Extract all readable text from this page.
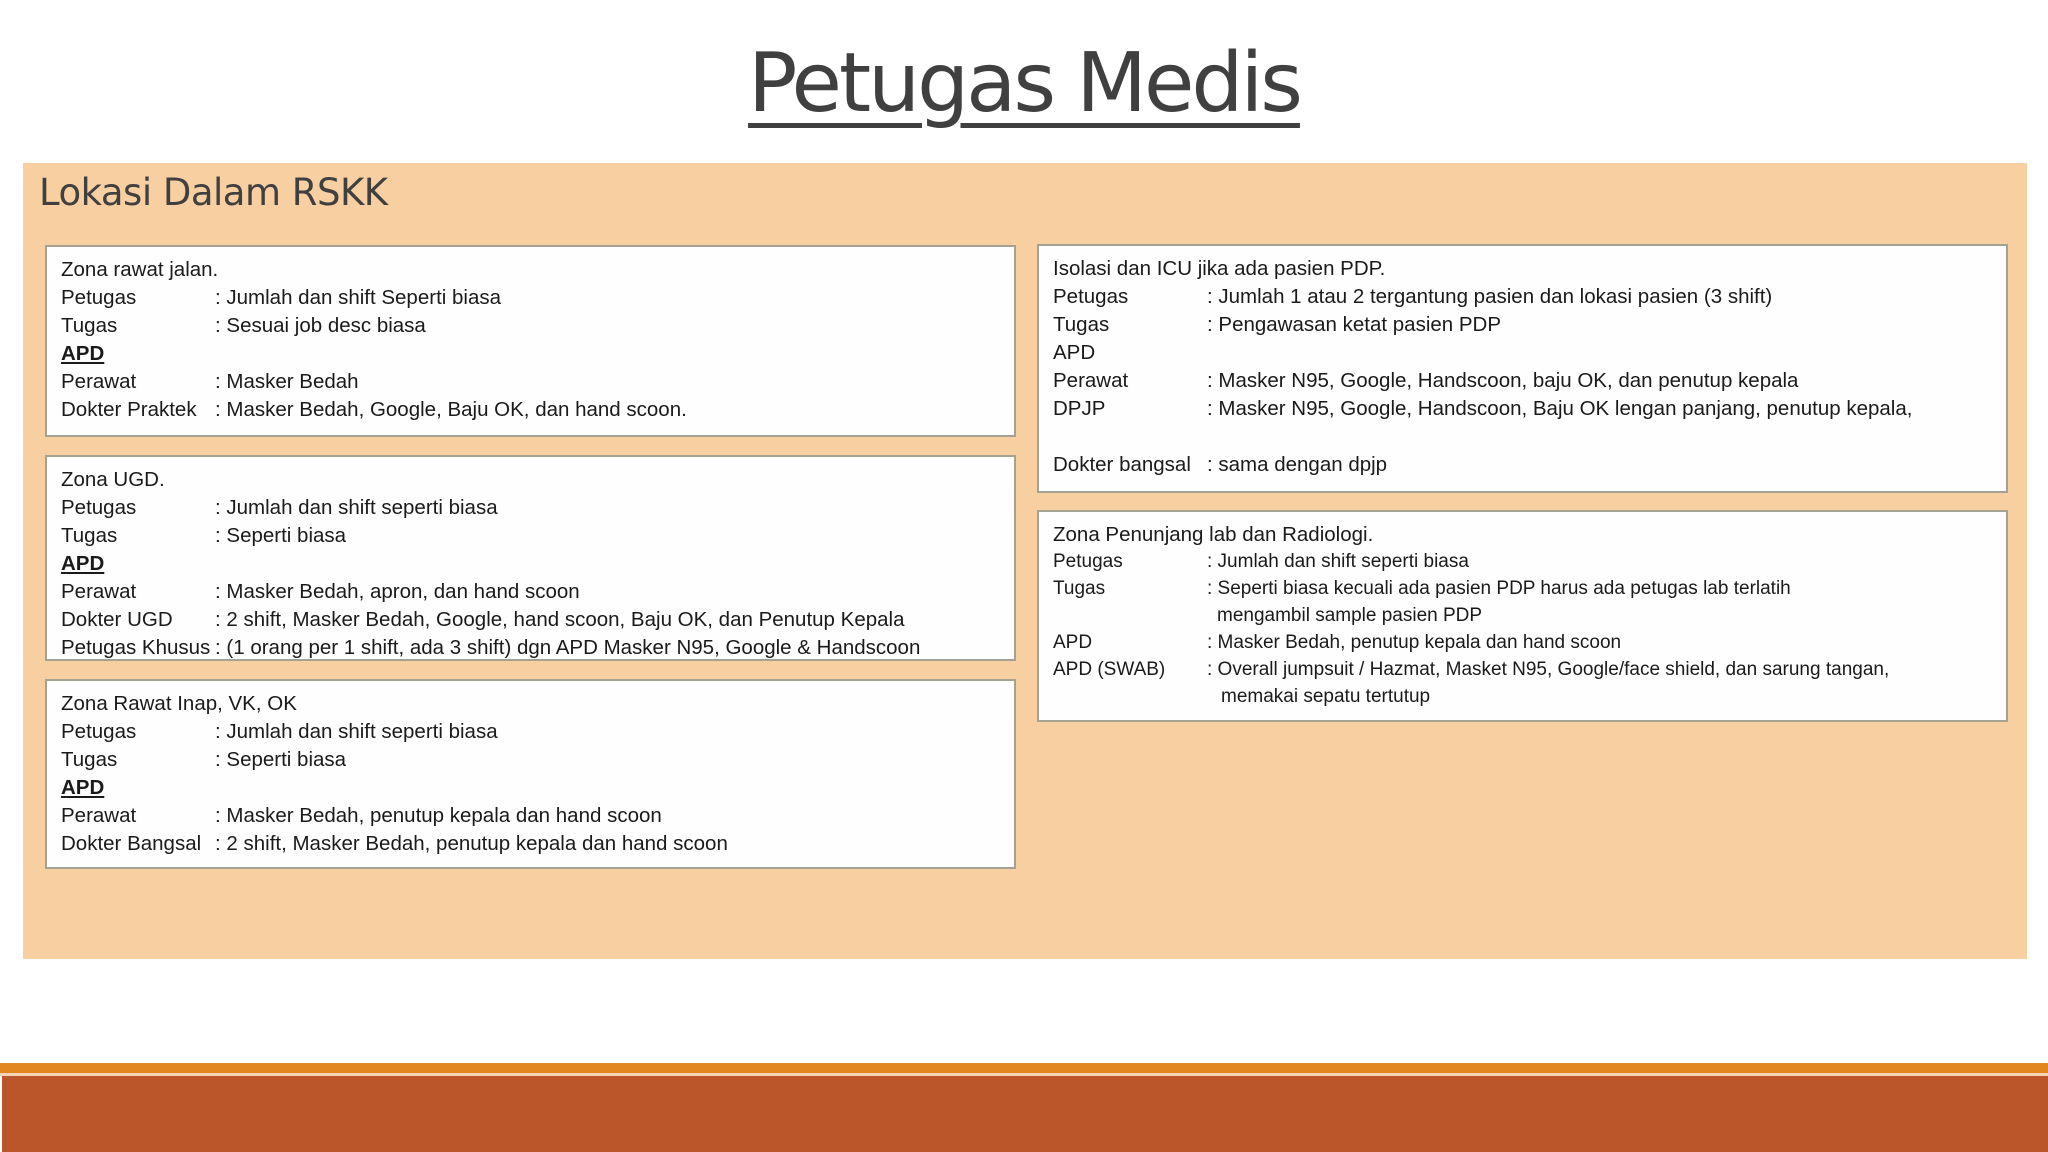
Petugas Medis
Lokasi Dalam RSKK
Zona rawat jalan.
Petugas	: Jumlah dan shift Seperti biasa
Tugas	: Sesuai job desc biasa
APD
Perawat	: Masker Bedah
Dokter Praktek : Masker Bedah, Google, Baju OK, dan hand scoon.
Zona UGD.
Petugas	: Jumlah dan shift seperti biasa
Tugas	: Seperti biasa
APD
Perawat	: Masker Bedah, apron, dan hand scoon
Dokter UGD	: 2 shift, Masker Bedah, Google, hand scoon, Baju OK, dan Penutup Kepala
Petugas Khusus : (1 orang per 1 shift, ada 3 shift) dgn APD Masker N95, Google & Handscoon
Zona Rawat Inap, VK, OK
Petugas	: Jumlah dan shift seperti biasa
Tugas	: Seperti biasa
APD
Perawat	: Masker Bedah, penutup kepala dan hand scoon
Dokter Bangsal : 2 shift, Masker Bedah, penutup kepala dan hand scoon
Isolasi dan ICU jika ada pasien PDP.
Petugas	: Jumlah 1 atau 2 tergantung pasien dan lokasi pasien (3 shift)
Tugas	: Pengawasan ketat pasien PDP
APD
Perawat	: Masker N95, Google, Handscoon, baju OK, dan penutup kepala
DPJP	: Masker N95, Google, Handscoon, Baju OK lengan panjang, penutup kepala,
Dokter bangsal : sama dengan dpjp
Zona Penunjang lab dan Radiologi.
Petugas	: Jumlah dan shift seperti biasa
Tugas	: Seperti biasa kecuali ada pasien PDP harus ada petugas lab terlatih
mengambil sample pasien PDP
APD	: Masker Bedah, penutup kepala dan hand scoon
APD (SWAB)	: Overall jumpsuit / Hazmat, Masket N95, Google/face shield, dan sarung tangan,
memakai sepatu tertutup
